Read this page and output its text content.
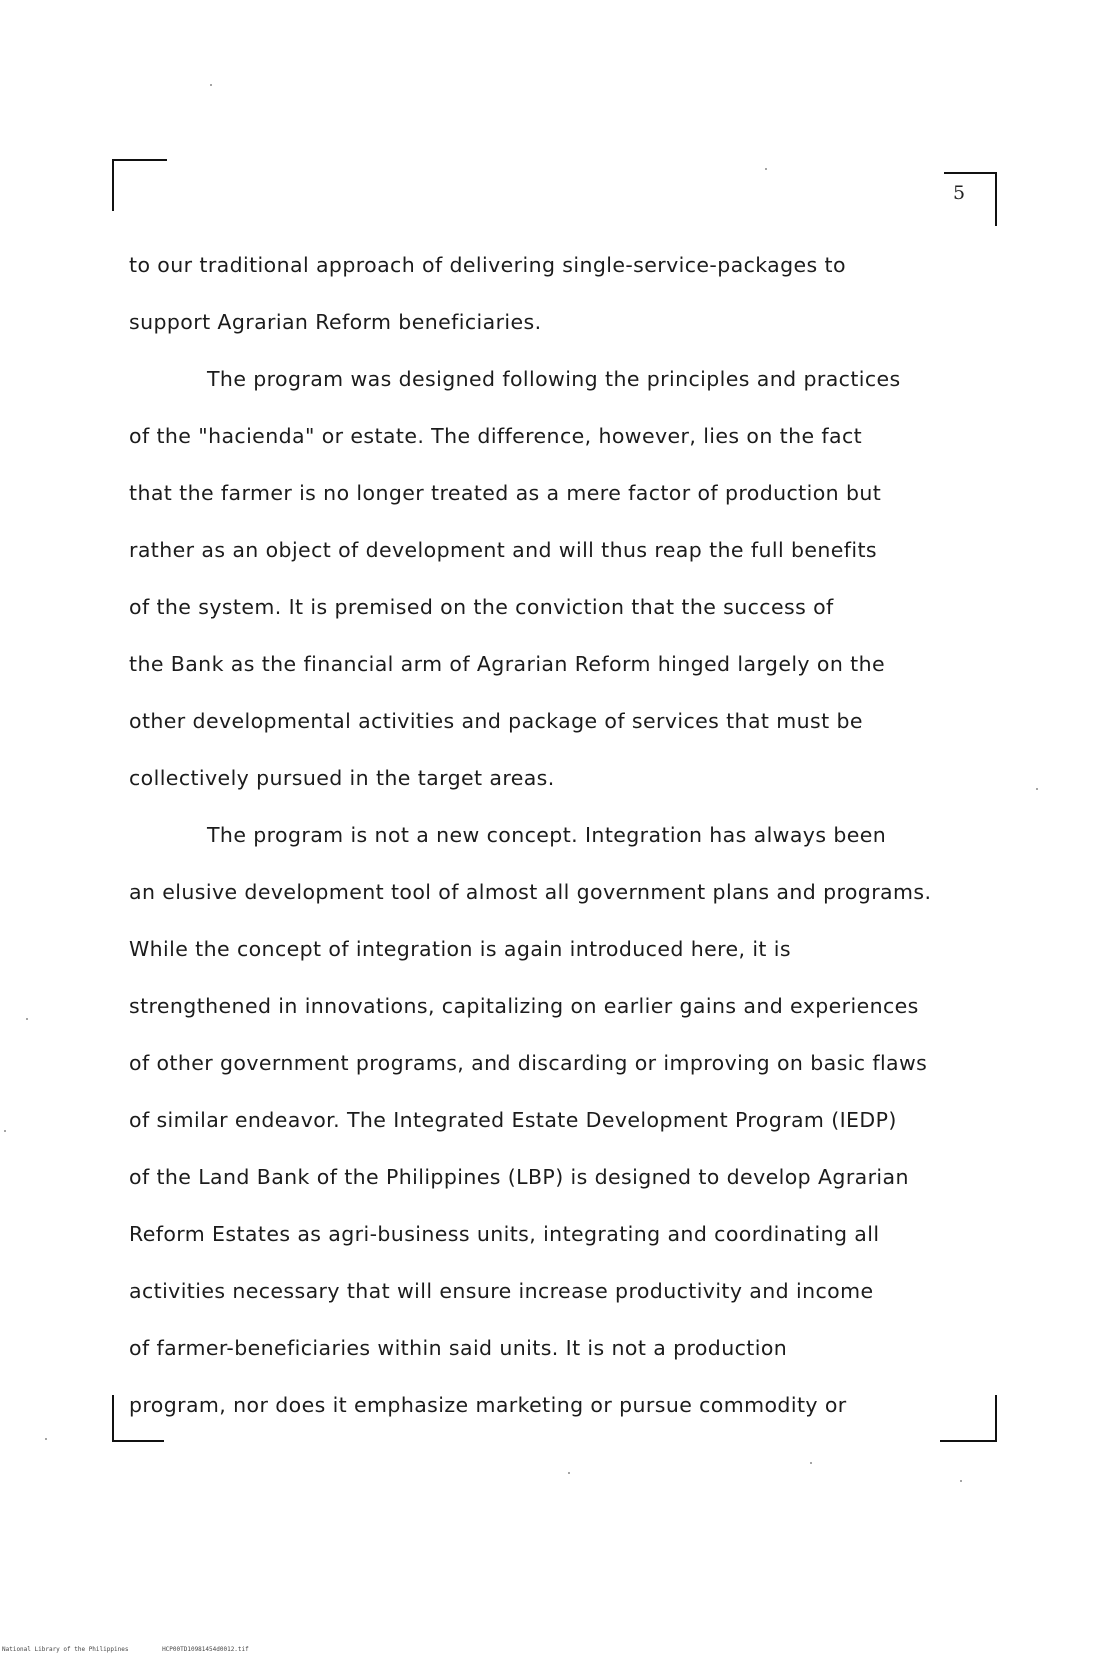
5
to our traditional approach of delivering single-service-packages to
support Agrarian Reform beneficiaries.
The program was designed following the principles and practices
of the "hacienda" or estate. The difference, however, lies on the fact
that the farmer is no longer treated as a mere factor of production but
rather as an object of development and will thus reap the full benefits
of the system. It is premised on the conviction that the success of
the Bank as the financial arm of Agrarian Reform hinged largely on the
other developmental activities and package of services that must be
collectively pursued in the target areas.
The program is not a new concept. Integration has always been
an elusive development tool of almost all government plans and programs.
While the concept of integration is again introduced here, it is
strengthened in innovations, capitalizing on earlier gains and experiences
of other government programs, and discarding or improving on basic flaws
of similar endeavor. The Integrated Estate Development Program (IEDP)
of the Land Bank of the Philippines (LBP) is designed to develop Agrarian
Reform Estates as agri-business units, integrating and coordinating all
activities necessary that will ensure increase productivity and income
of farmer-beneficiaries within said units. It is not a production
program, nor does it emphasize marketing or pursue commodity or
National Library of the Philippines	HCP00TD10981454d0012.tif
